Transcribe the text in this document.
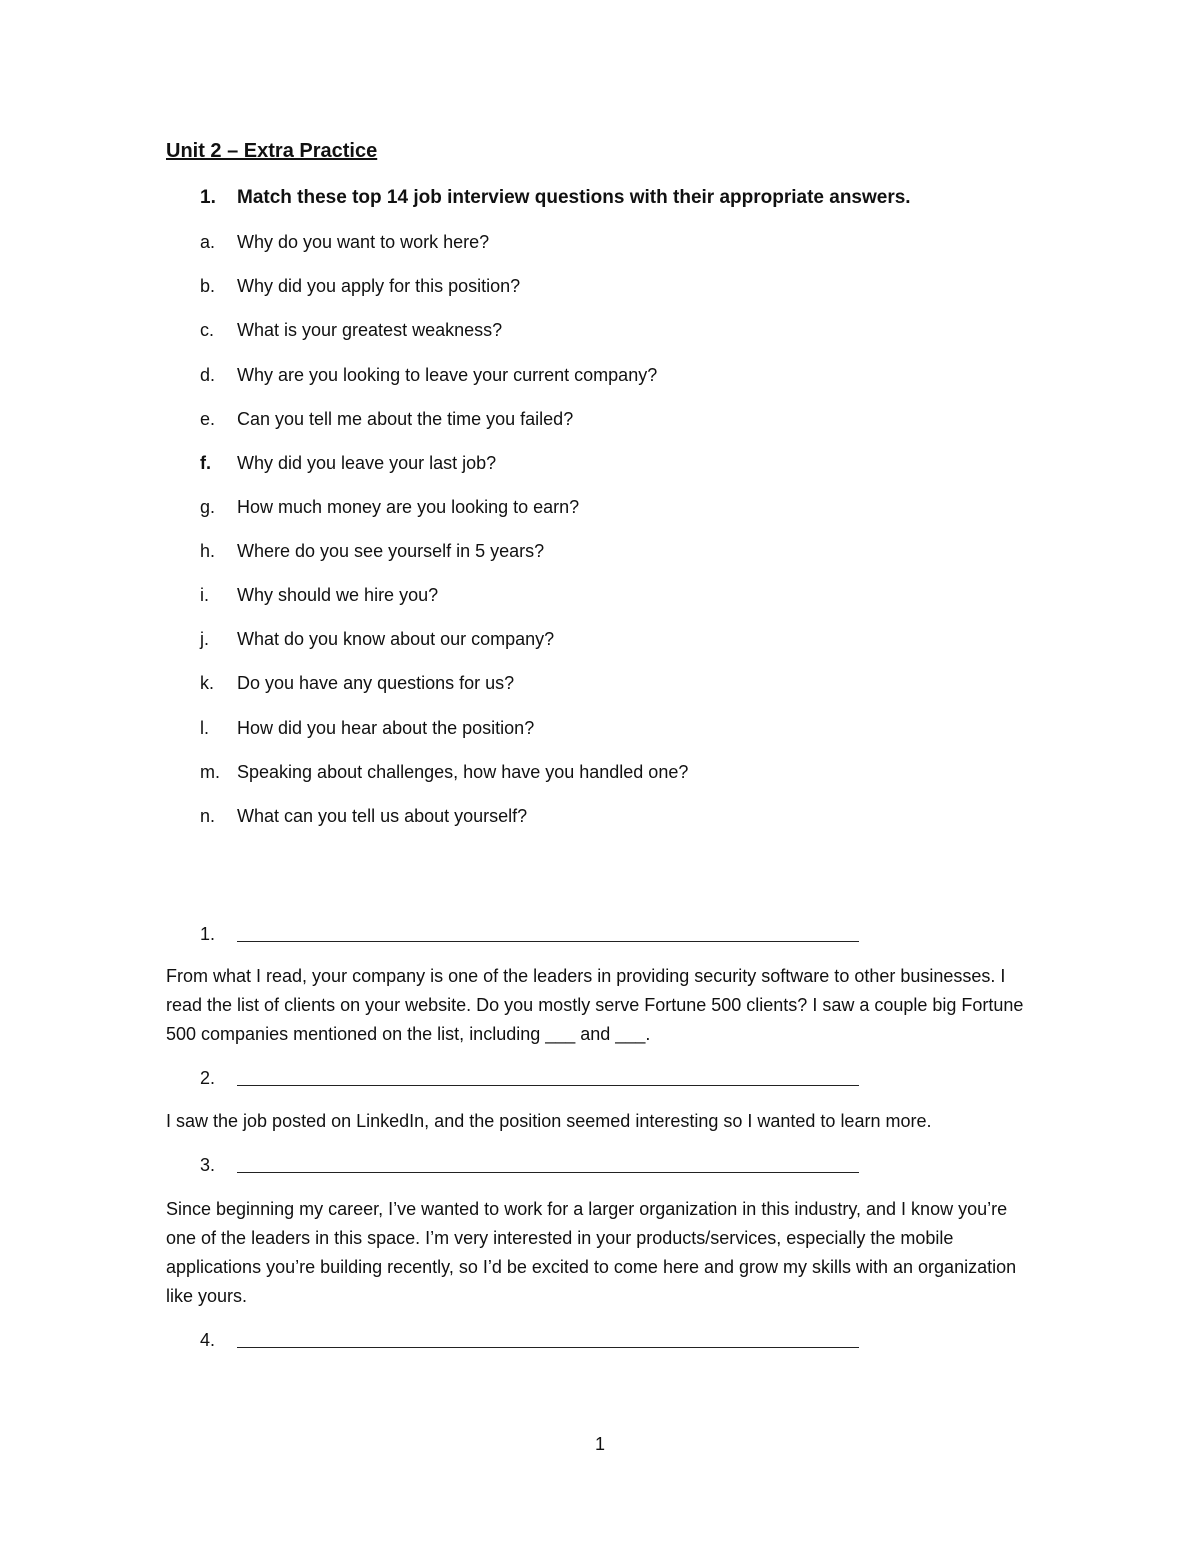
Unit 2 – Extra Practice
1.	Match these top 14 job interview questions with their appropriate answers.
a.	Why do you want to work here?
b.	Why did you apply for this position?
c.	What is your greatest weakness?
d.	Why are you looking to leave your current company?
e.	Can you tell me about the time you failed?
f.	Why did you leave your last job?
g.	How much money are you looking to earn?
h.	Where do you see yourself in 5 years?
i.	Why should we hire you?
j.	What do you know about our company?
k.	Do you have any questions for us?
l.	How did you hear about the position?
m. Speaking about challenges, how have you handled one?
n.	What can you tell us about yourself?
1.
From what I read, your company is one of the leaders in providing security software to other businesses. I read the list of clients on your website. Do you mostly serve Fortune 500 clients? I saw a couple big Fortune 500 companies mentioned on the list, including ___ and ___.
2.
I saw the job posted on LinkedIn, and the position seemed interesting so I wanted to learn more.
3.
Since beginning my career, I’ve wanted to work for a larger organization in this industry, and I know you’re one of the leaders in this space. I’m very interested in your products/services, especially the mobile applications you’re building recently, so I’d be excited to come here and grow my skills with an organization like yours.
4.
1
